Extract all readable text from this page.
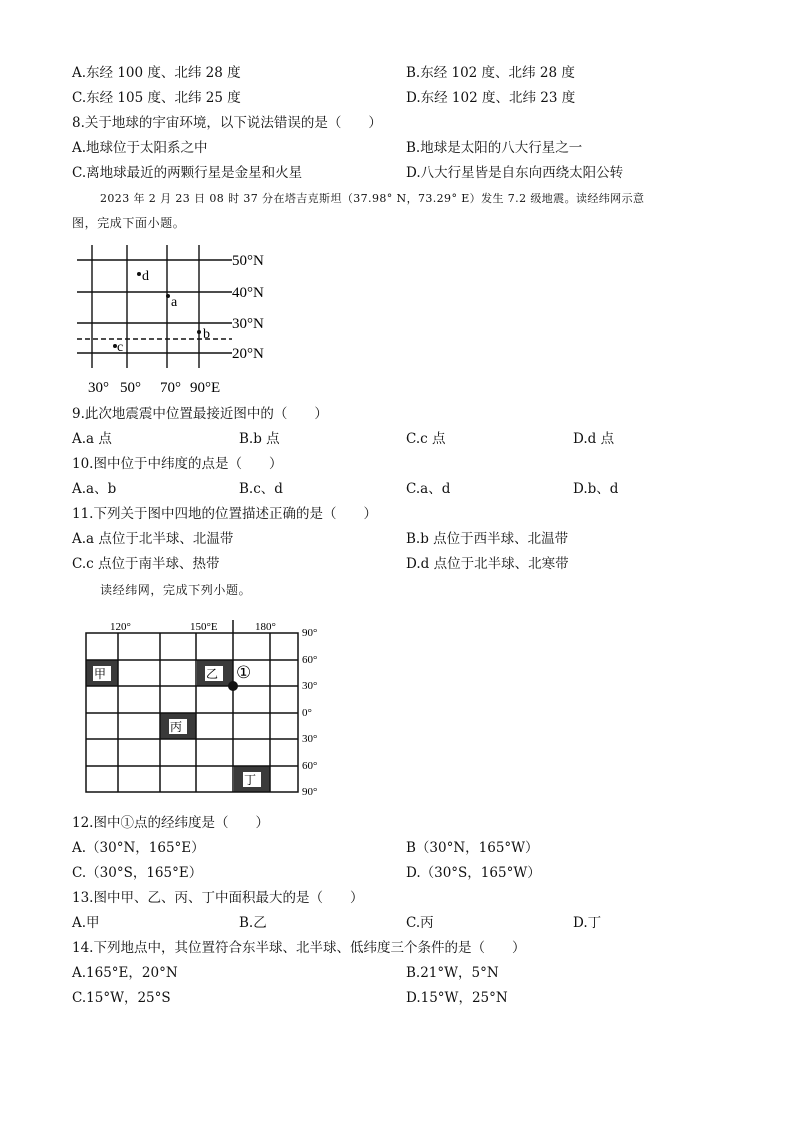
A.东经 100 度、北纬 28 度	B.东经 102 度、北纬 28 度
C.东经 105 度、北纬 25 度	D.东经 102 度、北纬 23 度
8.关于地球的宇宙环境，以下说法错误的是（　　）
A.地球位于太阳系之中	B.地球是太阳的八大行星之一
C.离地球最近的两颗行星是金星和火星	D.八大行星皆是自东向西绕太阳公转
2023 年 2 月 23 日 08 时 37 分在塔吉克斯坦（37.98° N，73.29° E）发生 7.2 级地震。读经纬网示意
图，完成下面小题。
d
a
b
c
50°N
40°N
30°N
20°N
30° 50° 70° 90°E
9.此次地震震中位置最接近图中的（　　）
A.a 点	B.b 点	C.c 点	D.d 点
10.图中位于中纬度的点是（　　）
A.a、b	B.c、d	C.a、d	D.b、d
11.下列关于图中四地的位置描述正确的是（　　）
A.a 点位于北半球、北温带	B.b 点位于西半球、北温带
C.c 点位于南半球、热带	D.d 点位于北半球、北寒带
读经纬网，完成下列小题。
甲	乙
丙
丁
①
120°	150°E	180° 90°
60°
30°
0°
30°
60°
90°
12.图中①点的经纬度是（　　）
A.（30°N，165°E）	B（30°N，165°W）
C.（30°S，165°E）	D.（30°S，165°W）
13.图中甲、乙、丙、丁中面积最大的是（　　）
A.甲	B.乙	C.丙	D.丁
14.下列地点中，其位置符合东半球、北半球、低纬度三个条件的是（　　）
A.165°E，20°N	B.21°W，5°N
C.15°W，25°S	D.15°W，25°N
